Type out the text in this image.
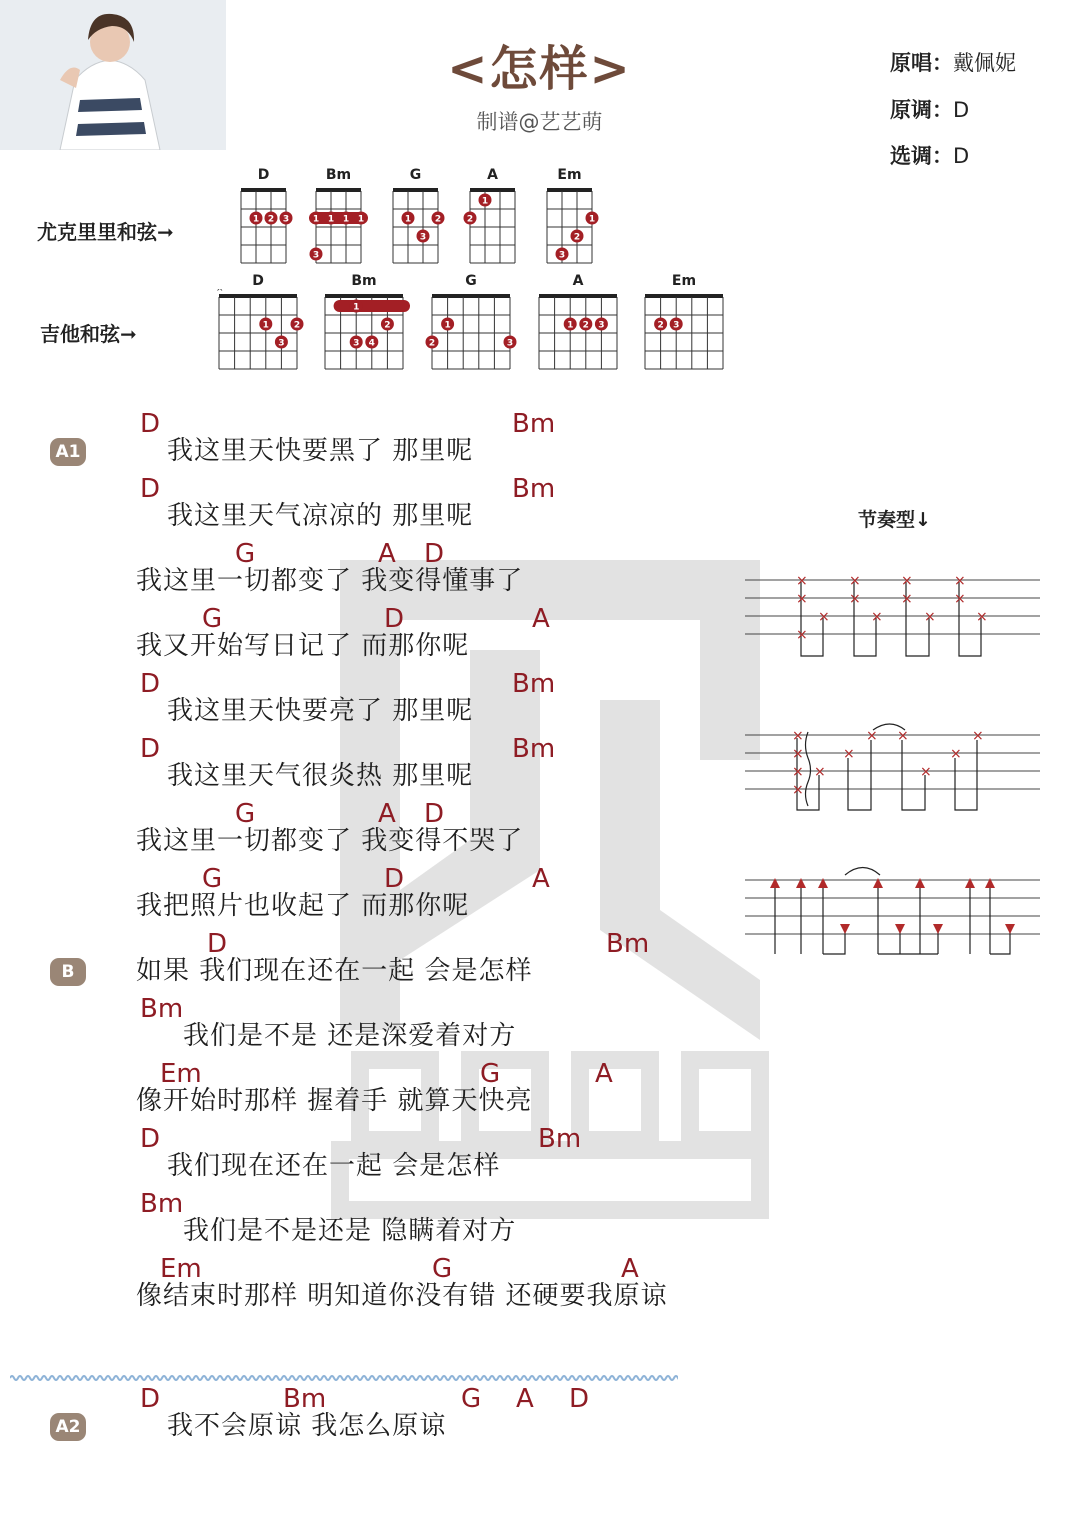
<怎样>
制谱@艺艺萌
原唱：戴佩妮
原调：D
选调：D
尤克里里和弦➞
吉他和弦➞
D
1 2 3
Bm
1 1 1 1
3
G
1	2
3
A
1
2
Em
1
2
3
D
×
1	2
3
Bm
1
2
3 4
G
1
2	3
A
1 2 3
Em
2 3
节奏型↓
×
×
×
×
×
×
×
×
×
×
×
×
×
×
×
×
×
×
×
× ×
×
×
×
D	Bm
我这里天快要黑了 那里呢
D	Bm
我这里天气凉凉的 那里呢
G	A D
我这里一切都变了 我变得懂事了
G	D	A
我又开始写日记了 而那你呢
D	Bm
我这里天快要亮了 那里呢
D	Bm
我这里天气很炎热 那里呢
G	A D
我这里一切都变了 我变得不哭了
G	D	A
我把照片也收起了 而那你呢
D	Bm
如果 我们现在还在一起 会是怎样
Bm
我们是不是 还是深爱着对方
Em	G	A
像开始时那样 握着手 就算天快亮
D	Bm
我们现在还在一起 会是怎样
Bm
我们是不是还是 隐瞒着对方
Em	G	A
像结束时那样 明知道你没有错 还硬要我原谅
D	Bm	G A D
我不会原谅 我怎么原谅
A1
B
A2
